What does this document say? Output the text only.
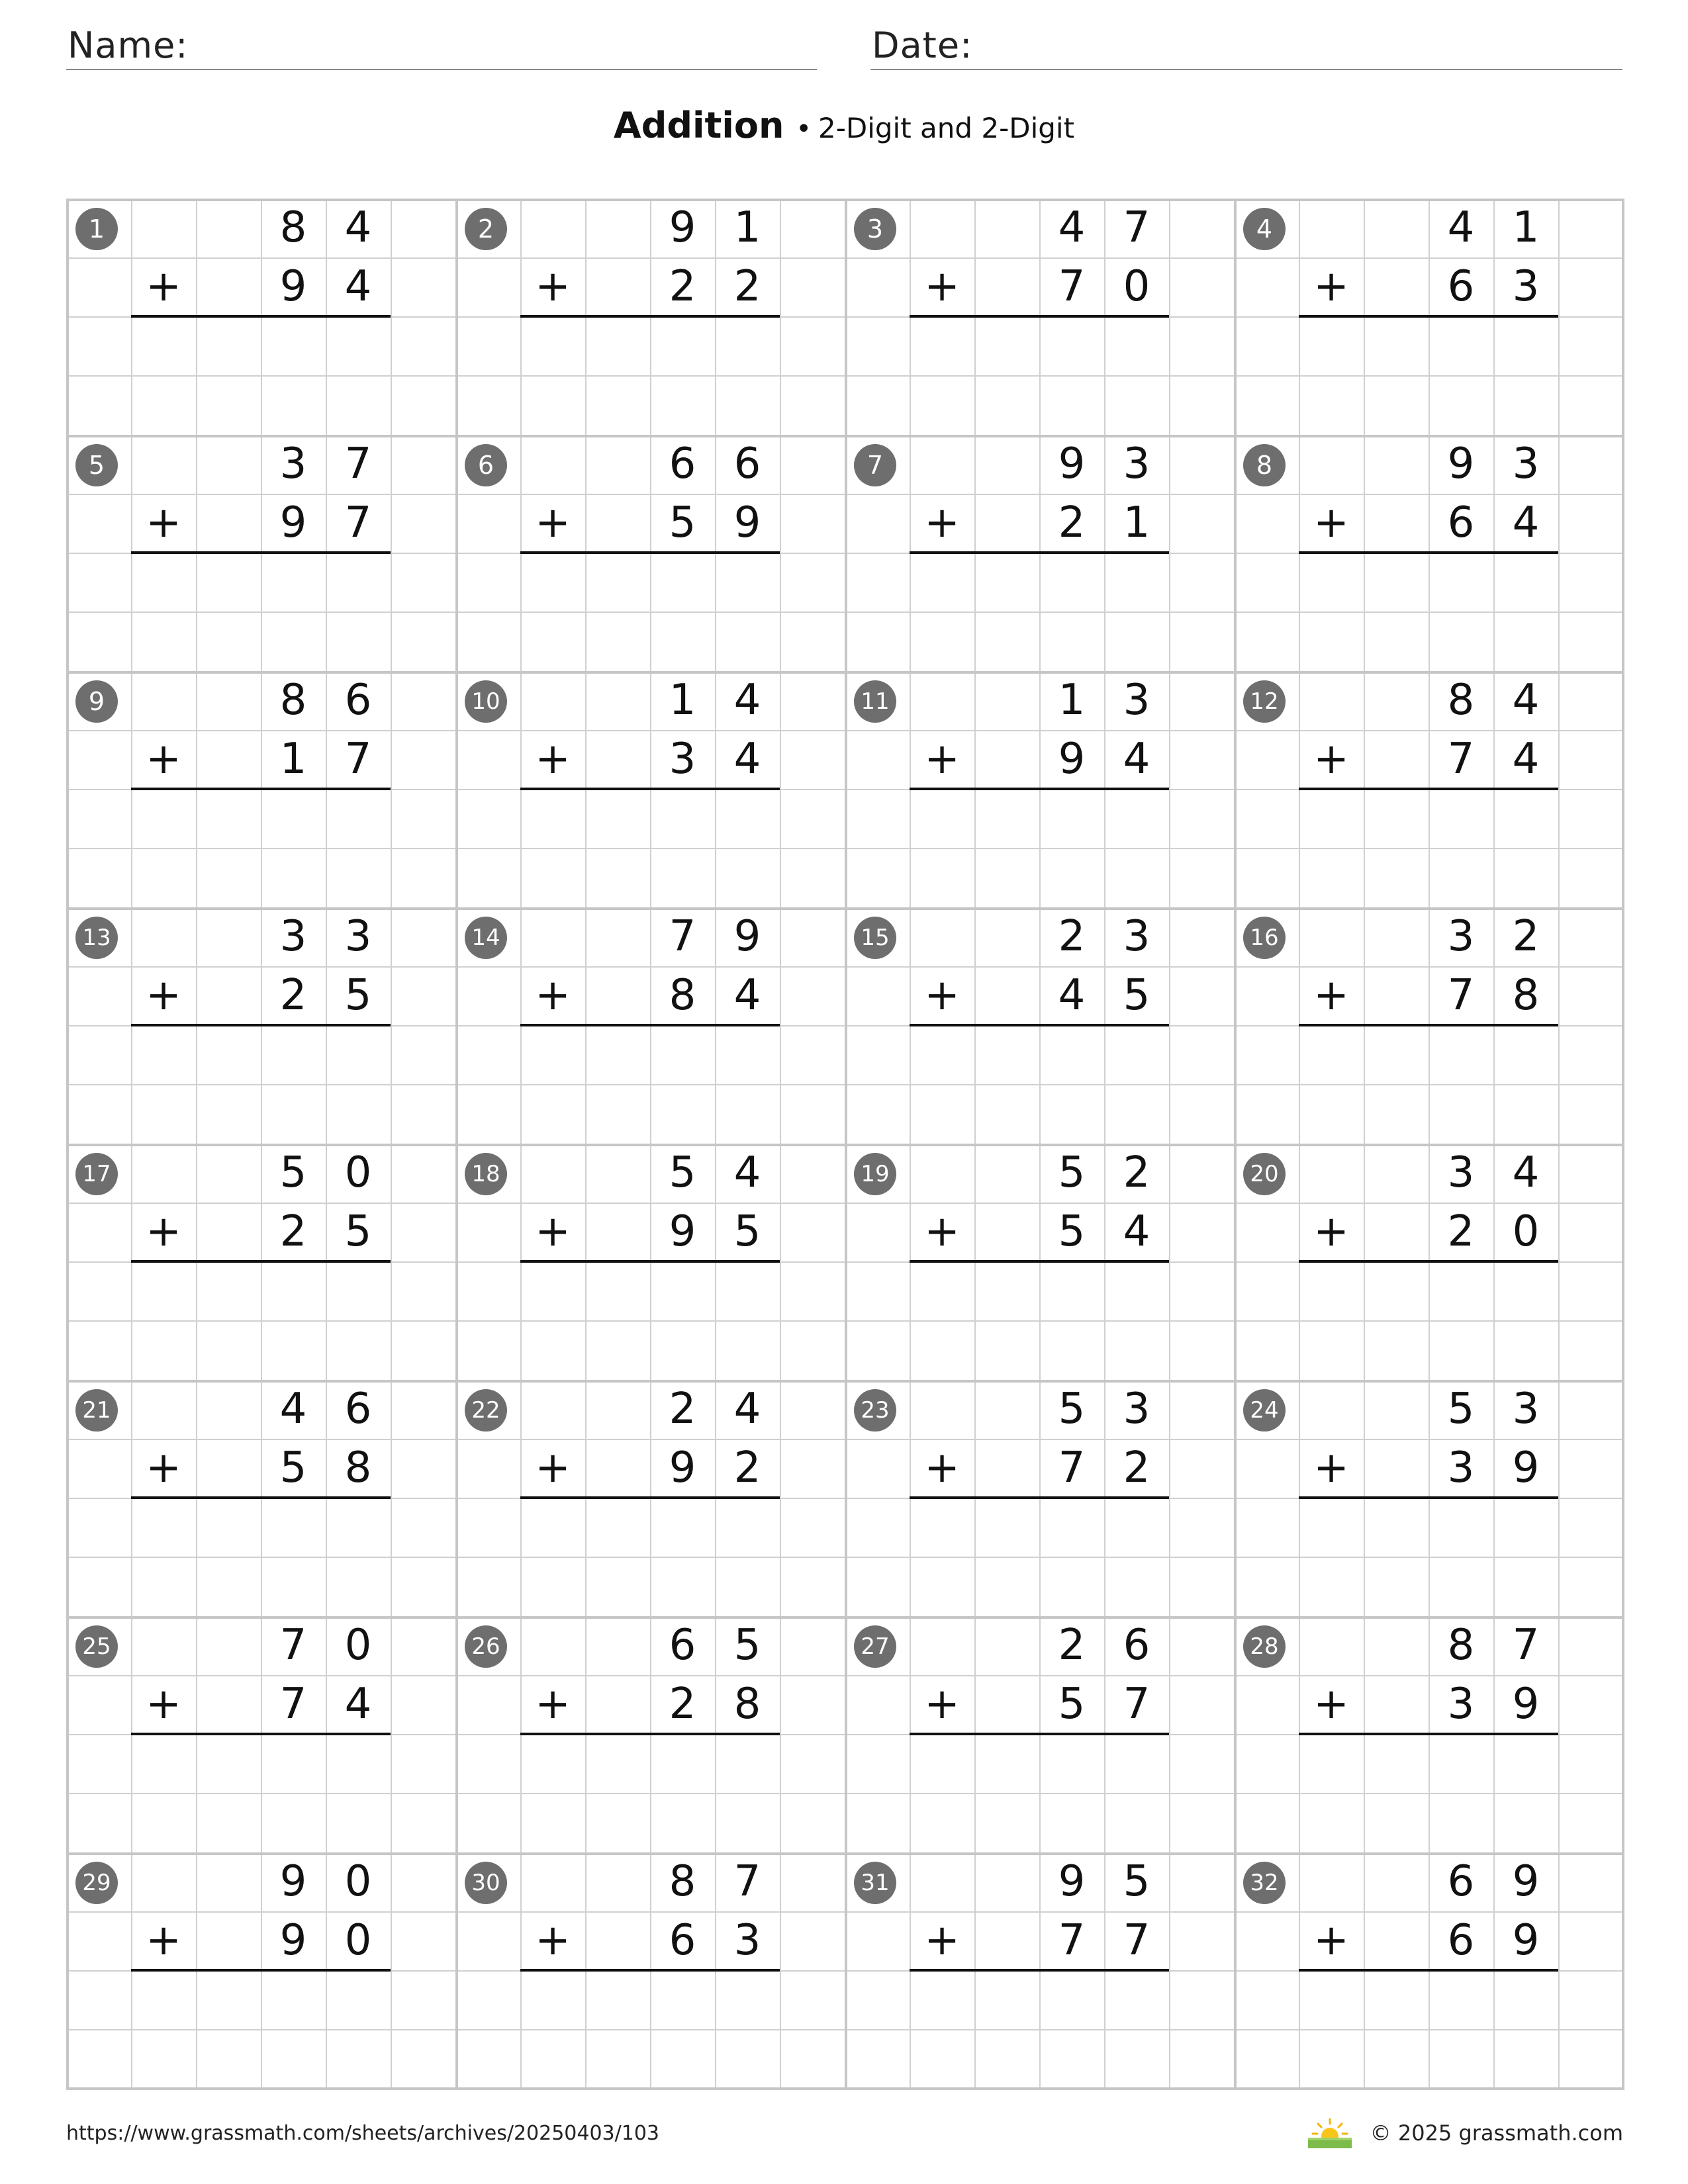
Name:	Date:
Addition • 2-Digit and 2-Digit
1	8 4
9 4
+
2	9 1
2 2
+
3	4 7
7 0
+
4	4 1
6 3
+
5	3 7
9 7
+
6	6 6
5 9
+
7	9 3
2 1
+
8	9 3
6 4
+
9	8 6
1 7
+
10	1 4
3 4
+
11	1 3
9 4
+
12	8 4
7 4
+
13	3 3
2 5
+
14	7 9
8 4
+
15	2 3
4 5
+
16	3 2
7 8
+
17	5 0
2 5
+
18	5 4
9 5
+
19	5 2
5 4
+
20	3 4
2 0
+
21	4 6
5 8
+
22	2 4
9 2
+
23	5 3
7 2
+
24	5 3
3 9
+
25	7 0
7 4
+
26	6 5
2 8
+
27	2 6
5 7
+
28	8 7
3 9
+
29	9 0
9 0
+
30	8 7
6 3
+
31	9 5
7 7
+
32	6 9
6 9
+
https://www.grassmath.com/sheets/archives/20250403/103	© 2025 grassmath.com
